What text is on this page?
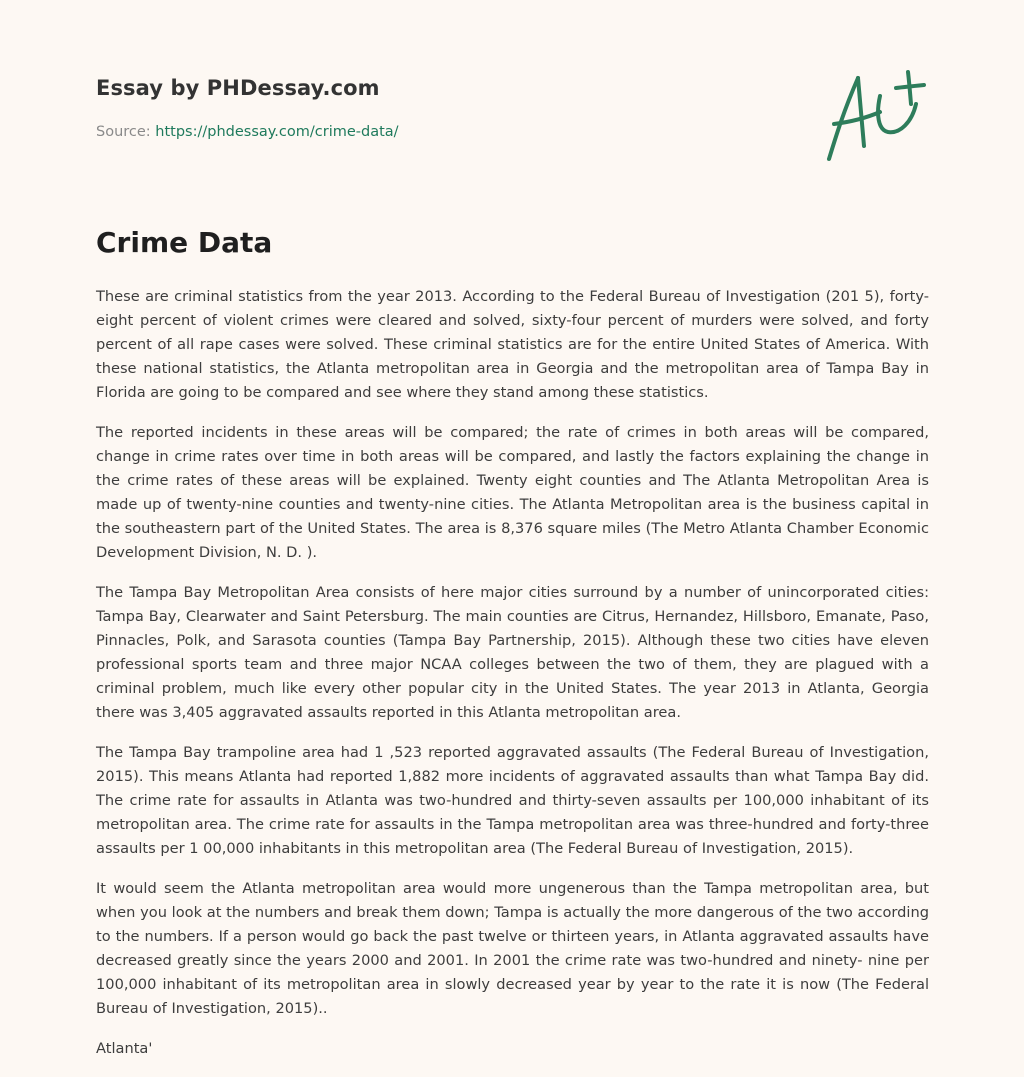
Essay by PHDessay.com
Source: https://phdessay.com/crime-data/
Crime Data

These are criminal statistics from the year 2013. According to the Federal Bureau of Investigation (201 5), forty-eight percent of violent crimes were cleared and solved, sixty-four percent of murders were solved, and forty percent of all rape cases were solved. These criminal statistics are for the entire United States of America. With these national statistics, the Atlanta metropolitan area in Georgia and the metropolitan area of Tampa Bay in Florida are going to be compared and see where they stand among these statistics.

The reported incidents in these areas will be compared; the rate of crimes in both areas will be compared, change in crime rates over time in both areas will be compared, and lastly the factors explaining the change in the crime rates of these areas will be explained. Twenty eight counties and The Atlanta Metropolitan Area is made up of twenty-nine counties and twenty-nine cities. The Atlanta Metropolitan area is the business capital in the southeastern part of the United States. The area is 8,376 square miles (The Metro Atlanta Chamber Economic Development Division, N. D. ).

The Tampa Bay Metropolitan Area consists of here major cities surround by a number of unincorporated cities: Tampa Bay, Clearwater and Saint Petersburg. The main counties are Citrus, Hernandez, Hillsboro, Emanate, Paso, Pinnacles, Polk, and Sarasota counties (Tampa Bay Partnership, 2015). Although these two cities have eleven professional sports team and three major NCAA colleges between the two of them, they are plagued with a criminal problem, much like every other popular city in the United States. The year 2013 in Atlanta, Georgia there was 3,405 aggravated assaults reported in this Atlanta metropolitan area.

The Tampa Bay trampoline area had 1 ,523 reported aggravated assaults (The Federal Bureau of Investigation, 2015). This means Atlanta had reported 1,882 more incidents of aggravated assaults than what Tampa Bay did. The crime rate for assaults in Atlanta was two-hundred and thirty-seven assaults per 100,000 inhabitant of its metropolitan area. The crime rate for assaults in the Tampa metropolitan area was three-hundred and forty-three assaults per 1 00,000 inhabitants in this metropolitan area (The Federal Bureau of Investigation, 2015).

It would seem the Atlanta metropolitan area would more ungenerous than the Tampa metropolitan area, but when you look at the numbers and break them down; Tampa is actually the more dangerous of the two according to the numbers. If a person would go back the past twelve or thirteen years, in Atlanta aggravated assaults have decreased greatly since the years 2000 and 2001. In 2001 the crime rate was two-hundred and ninety- nine per 100,000 inhabitant of its metropolitan area in slowly decreased year by year to the rate it is now (The Federal Bureau of Investigation, 2015)..

Atlanta'
